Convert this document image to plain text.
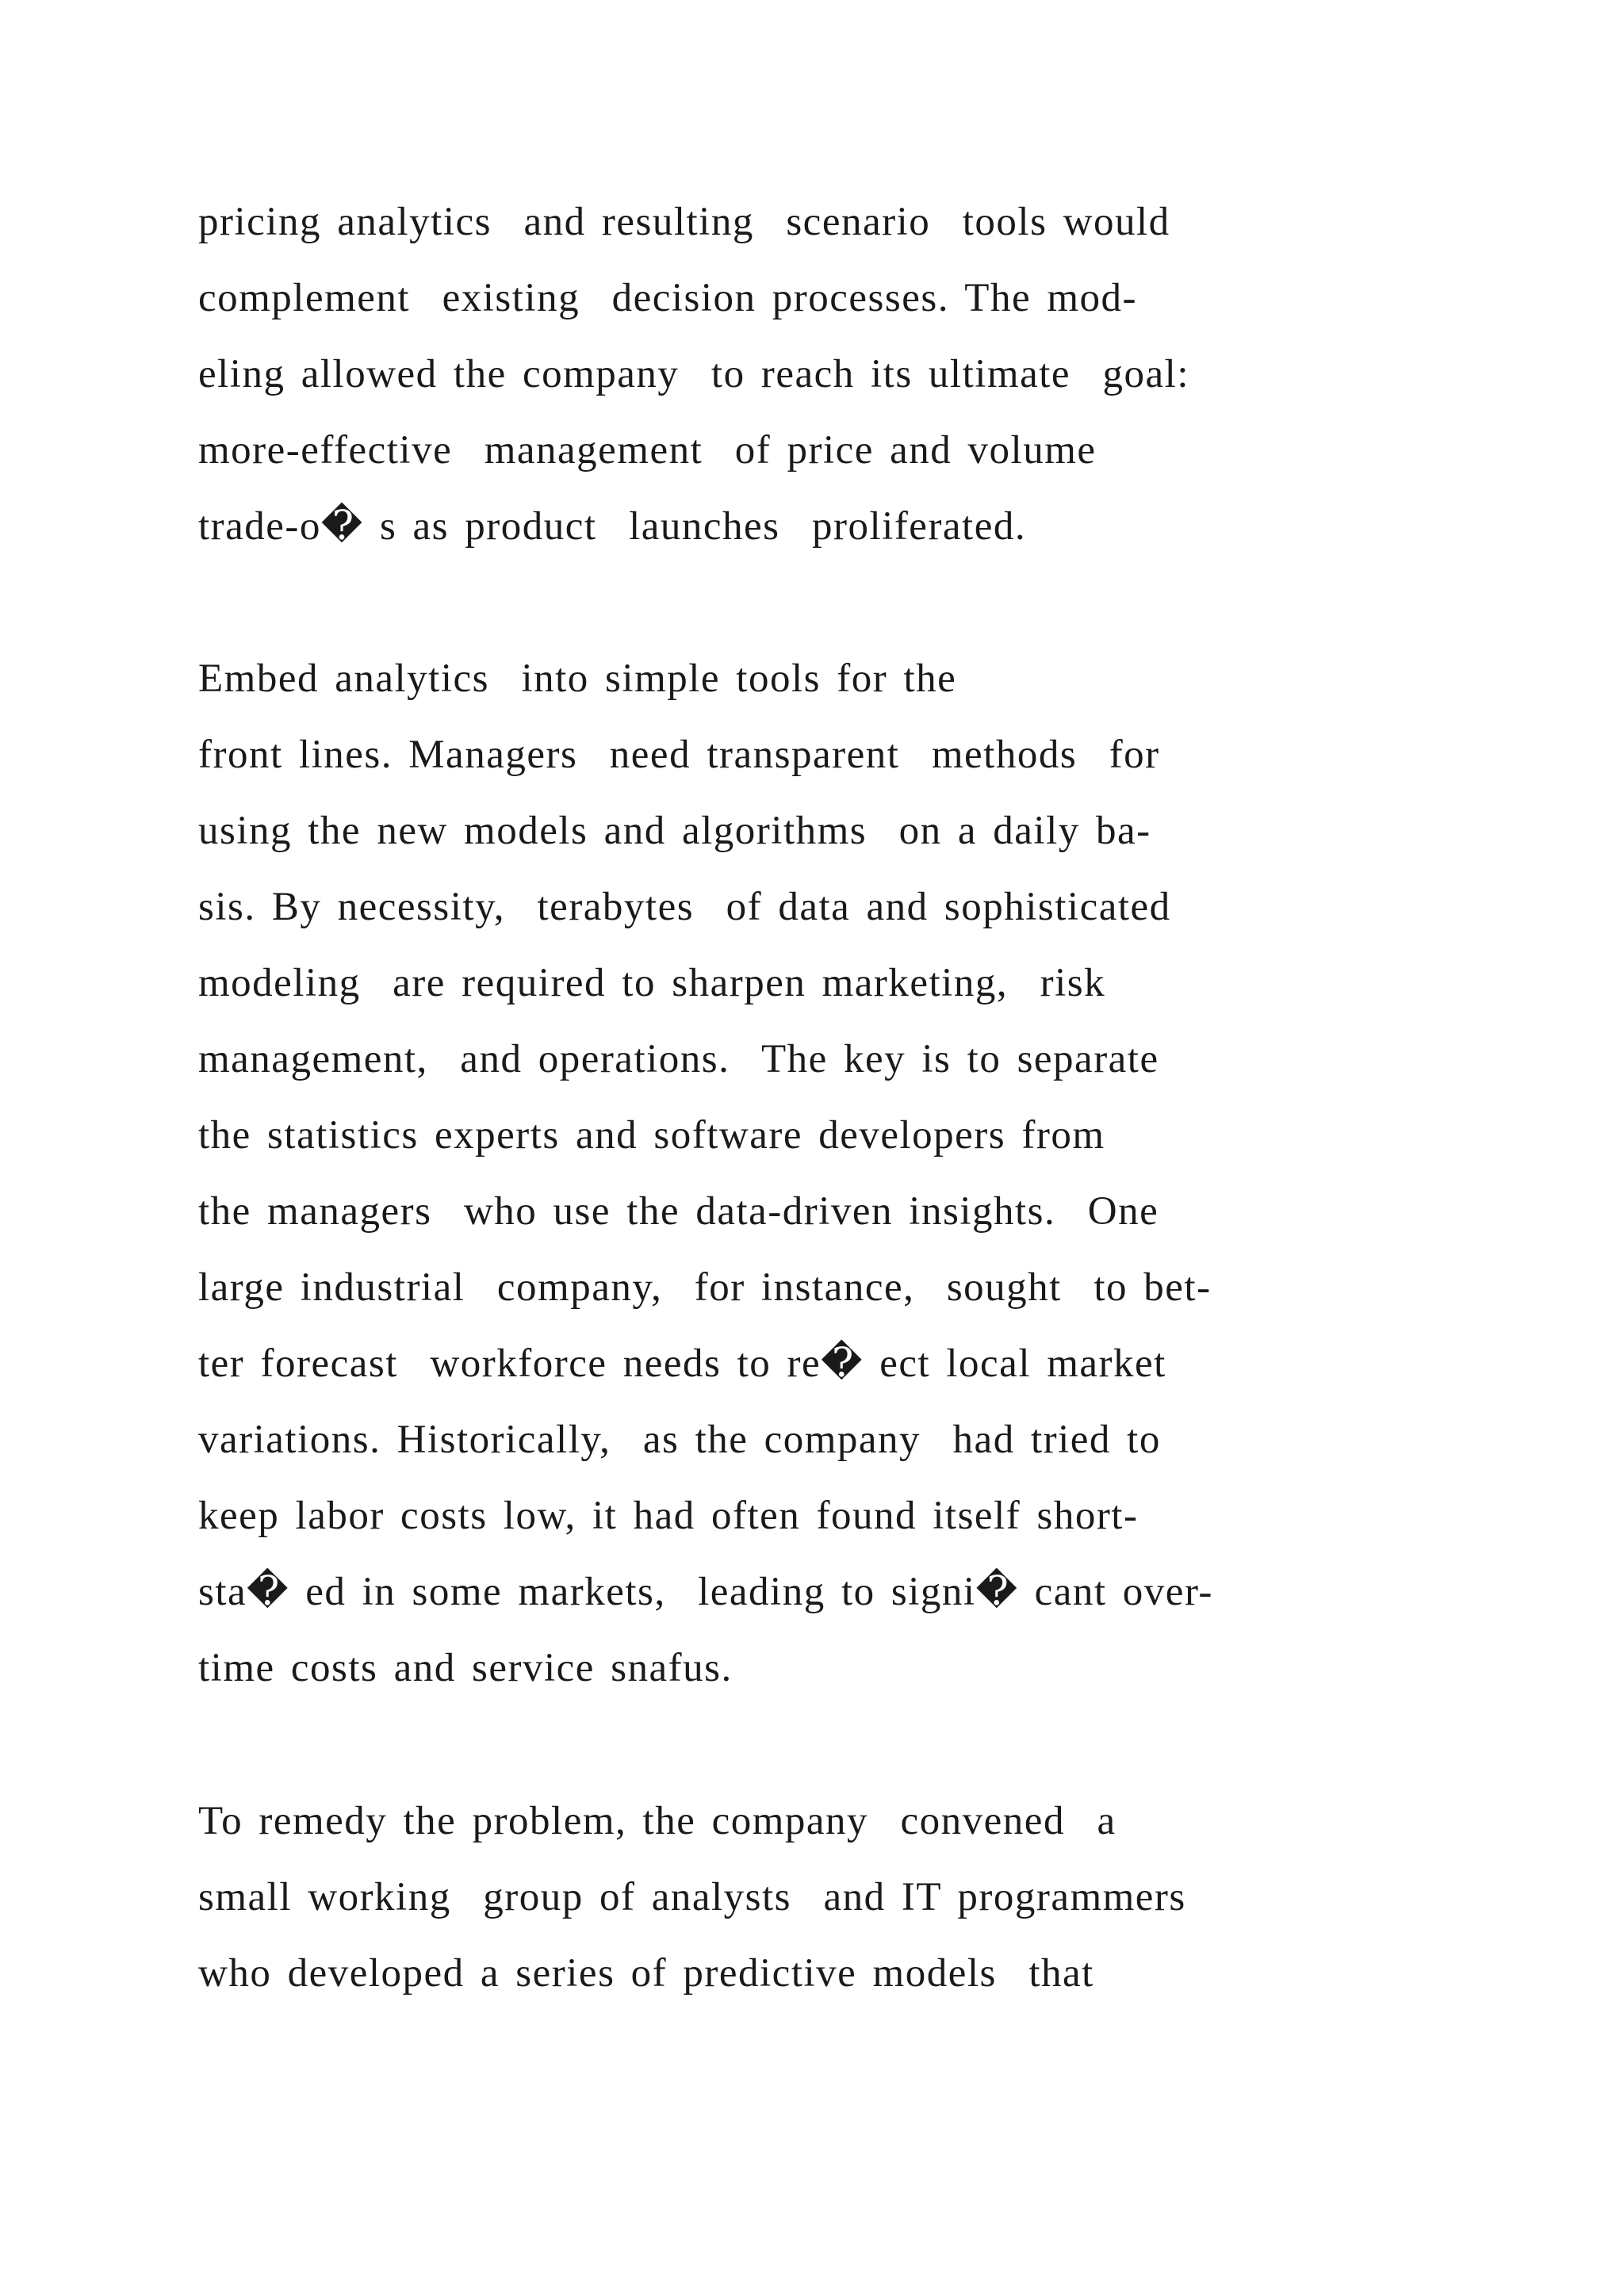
pricing analytics  and resulting  scenario  tools would
complement  existing  decision processes. The mod-
eling allowed the company  to reach its ultimate  goal:
more-effective  management  of price and volume
trade-o� s as product  launches  proliferated.

Embed analytics  into simple tools for the
front lines. Managers  need transparent  methods  for
using the new models and algorithms  on a daily ba-
sis. By necessity,  terabytes  of data and sophisticated
modeling  are required to sharpen marketing,  risk
management,  and operations.  The key is to separate
the statistics experts and software developers from
the managers  who use the data-driven insights.  One
large industrial  company,  for instance,  sought  to bet-
ter forecast  workforce needs to re� ect local market
variations. Historically,  as the company  had tried to
keep labor costs low, it had often found itself short-
sta� ed in some markets,  leading to signi� cant over-
time costs and service snafus.

To remedy the problem, the company  convened  a
small working  group of analysts  and IT programmers
who developed a series of predictive models  that
